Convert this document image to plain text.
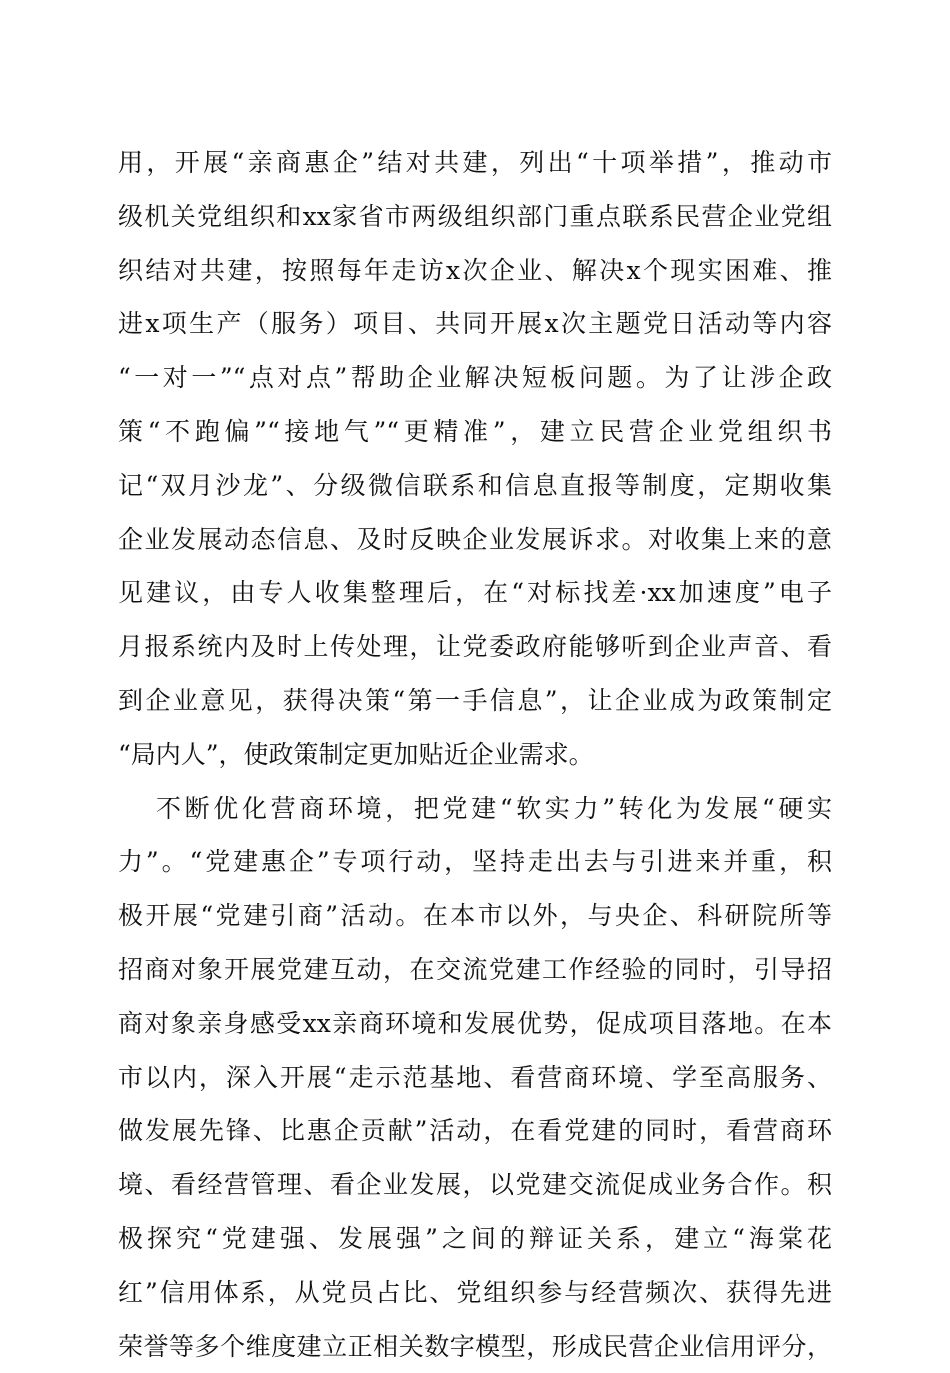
用，开展“亲商惠企”结对共建，列出“十项举措”，推动市
级机关党组织和xx家省市两级组织部门重点联系民营企业党组
织结对共建，按照每年走访x次企业、解决x个现实困难、推
进x项生产（服务）项目、共同开展x次主题党日活动等内容
“一对一”“点对点”帮助企业解决短板问题。为了让涉企政
策“不跑偏”“接地气”“更精准”，建立民营企业党组织书
记“双月沙龙”、分级微信联系和信息直报等制度，定期收集
企业发展动态信息、及时反映企业发展诉求。对收集上来的意
见建议，由专人收集整理后，在“对标找差·xx加速度”电子
月报系统内及时上传处理，让党委政府能够听到企业声音、看
到企业意见，获得决策“第一手信息”，让企业成为政策制定
“局内人”，使政策制定更加贴近企业需求。
不断优化营商环境，把党建“软实力”转化为发展“硬实
力”。“党建惠企”专项行动，坚持走出去与引进来并重，积
极开展“党建引商”活动。在本市以外，与央企、科研院所等
招商对象开展党建互动，在交流党建工作经验的同时，引导招
商对象亲身感受xx亲商环境和发展优势，促成项目落地。在本
市以内，深入开展“走示范基地、看营商环境、学至高服务、
做发展先锋、比惠企贡献”活动，在看党建的同时，看营商环
境、看经营管理、看企业发展，以党建交流促成业务合作。积
极探究“党建强、发展强”之间的辩证关系，建立“海棠花
红”信用体系，从党员占比、党组织参与经营频次、获得先进
荣誉等多个维度建立正相关数字模型，形成民营企业信用评分，
